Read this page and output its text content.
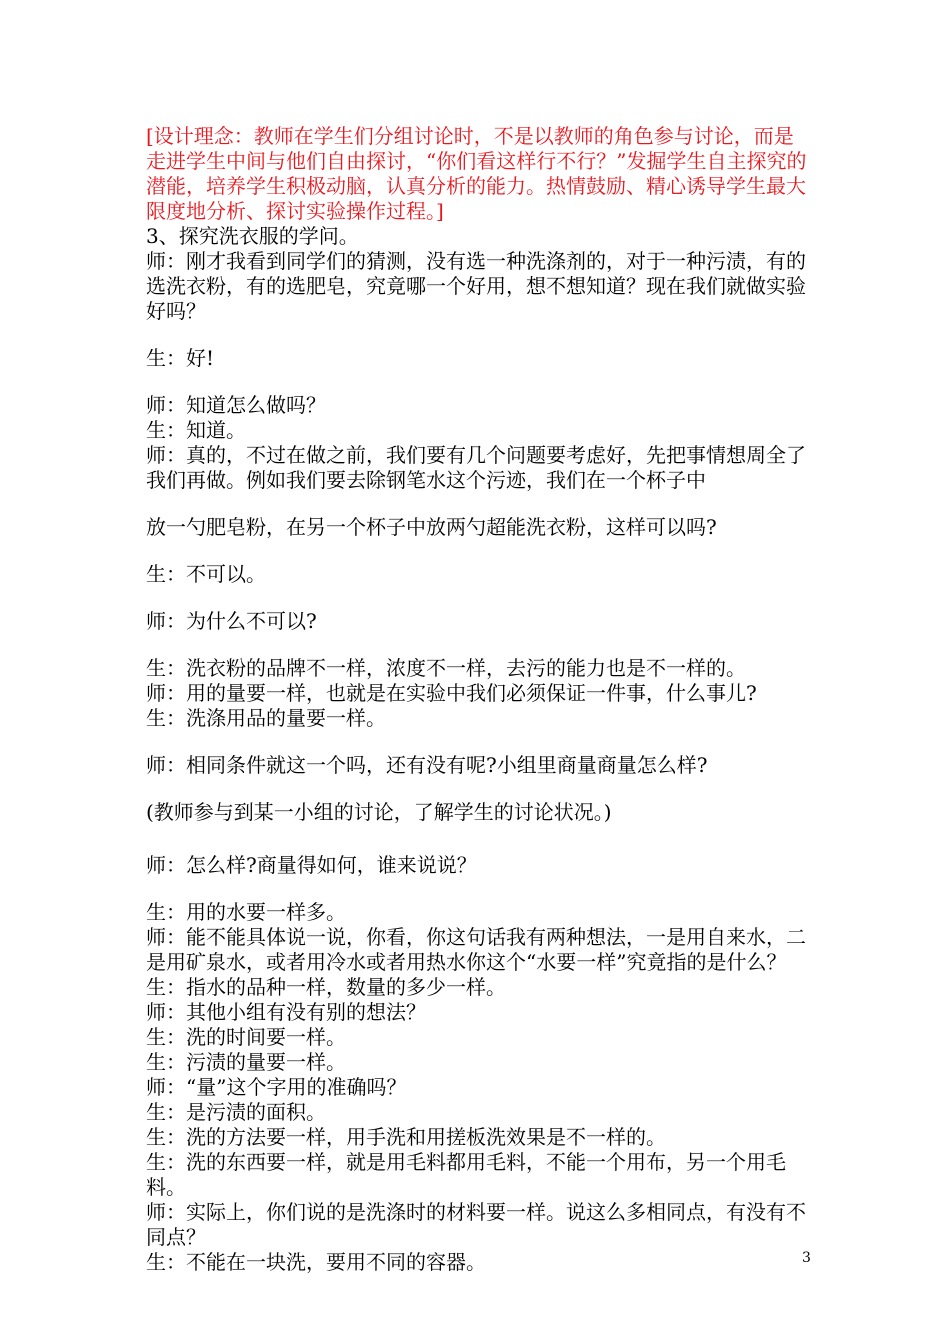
[设计理念：教师在学生们分组讨论时，不是以教师的角色参与讨论，而是走进学生中间与他们自由探讨，“你们看这样行不行？”发掘学生自主探究的潜能，培养学生积极动脑，认真分析的能力。热情鼓励、精心诱导学生最大限度地分析、探讨实验操作过程。]

3、探究洗衣服的学问。

师：刚才我看到同学们的猜测，没有选一种洗涤剂的，对于一种污渍，有的选洗衣粉，有的选肥皂，究竟哪一个好用，想不想知道？现在我们就做实验好吗？

生：好!

师：知道怎么做吗？

生：知道。

师：真的，不过在做之前，我们要有几个问题要考虑好，先把事情想周全了我们再做。例如我们要去除钢笔水这个污迹，我们在一个杯子中

放一勺肥皂粉，在另一个杯子中放两勺超能洗衣粉，这样可以吗?

生：不可以。

师：为什么不可以?

生：洗衣粉的品牌不一样，浓度不一样，去污的能力也是不一样的。

师：用的量要一样，也就是在实验中我们必须保证一件事，什么事儿?

生：洗涤用品的量要一样。

师：相同条件就这一个吗，还有没有呢?小组里商量商量怎么样?

(教师参与到某一小组的讨论，了解学生的讨论状况。)

师：怎么样?商量得如何，谁来说说？

生：用的水要一样多。

师：能不能具体说一说，你看，你这句话我有两种想法，一是用自来水，二是用矿泉水，或者用冷水或者用热水你这个“水要一样”究竟指的是什么？

生：指水的品种一样，数量的多少一样。

师：其他小组有没有别的想法？

生：洗的时间要一样。

生：污渍的量要一样。

师：“量”这个字用的准确吗？

生：是污渍的面积。

生：洗的方法要一样，用手洗和用搓板洗效果是不一样的。

生：洗的东西要一样，就是用毛料都用毛料，不能一个用布，另一个用毛料。

师：实际上，你们说的是洗涤时的材料要一样。说这么多相同点，有没有不同点？

生：不能在一块洗，要用不同的容器。	3
